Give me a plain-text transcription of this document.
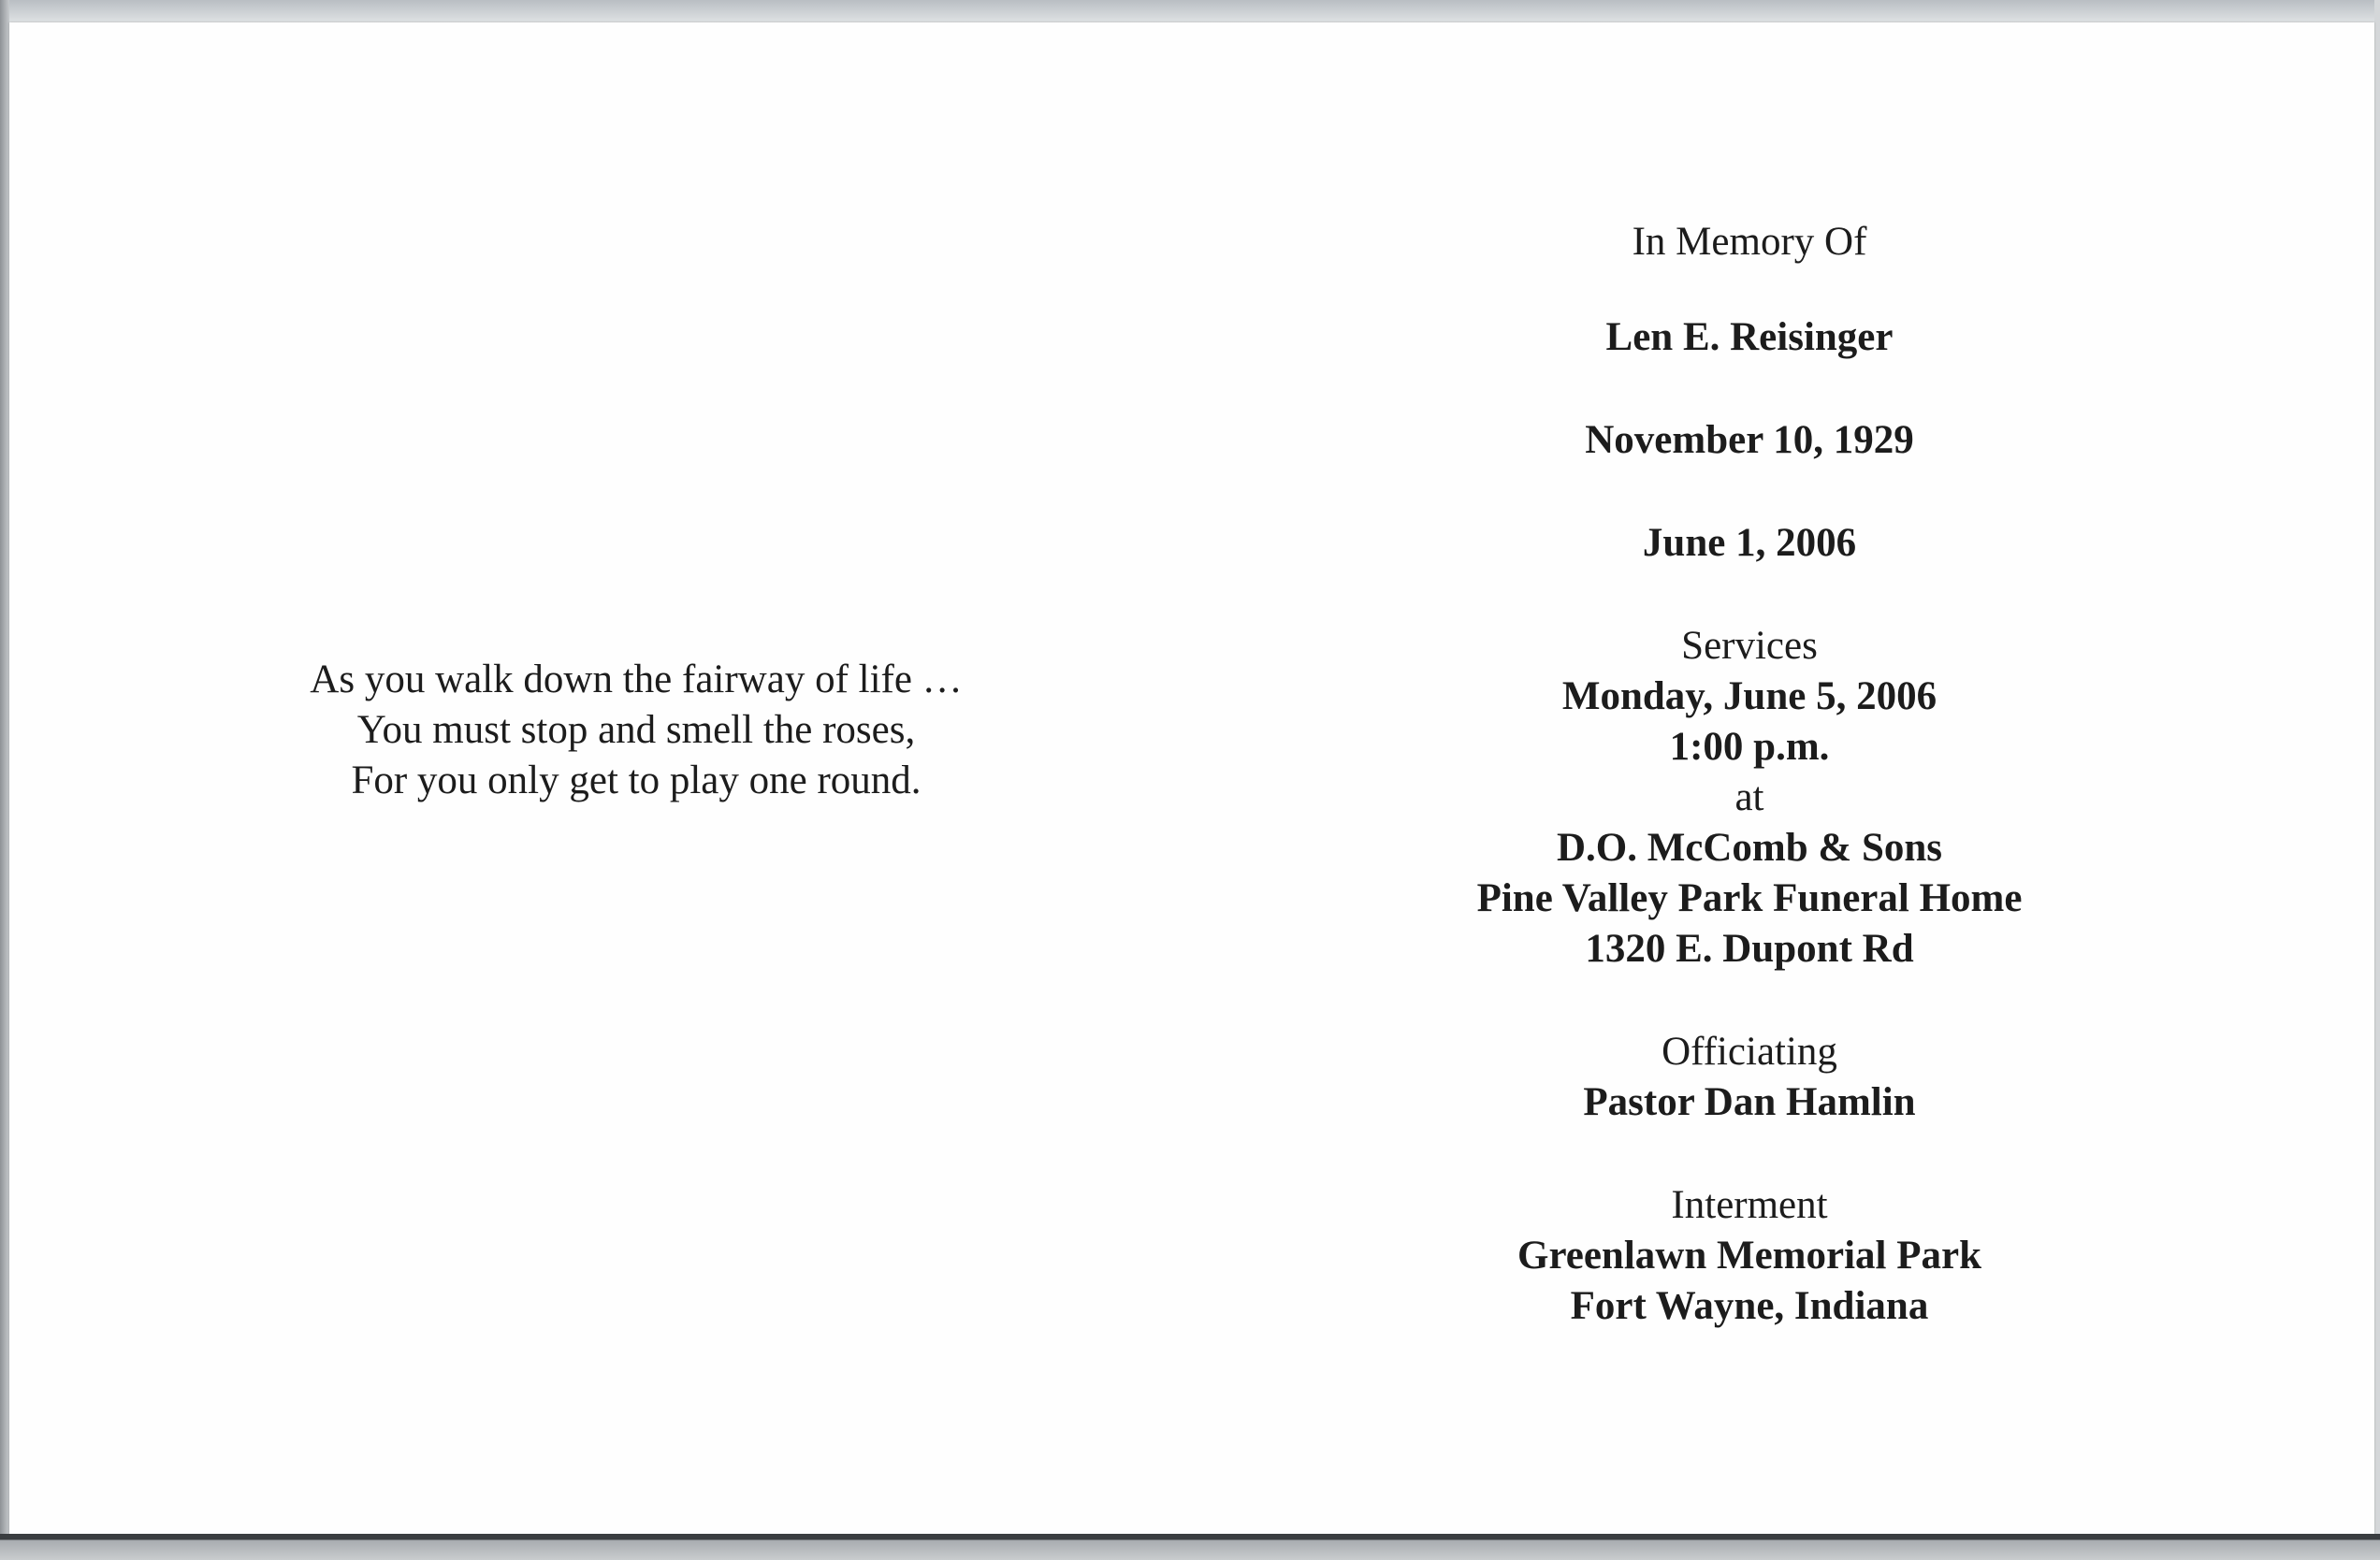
As you walk down the fairway of life …
You must stop and smell the roses,
For you only get to play one round.
In Memory Of
Len E. Reisinger
November 10, 1929
June 1, 2006
Services
Monday, June 5, 2006
1:00 p.m.
at
D.O. McComb & Sons
Pine Valley Park Funeral Home
1320 E. Dupont Rd
Officiating
Pastor Dan Hamlin
Interment
Greenlawn Memorial Park
Fort Wayne, Indiana
